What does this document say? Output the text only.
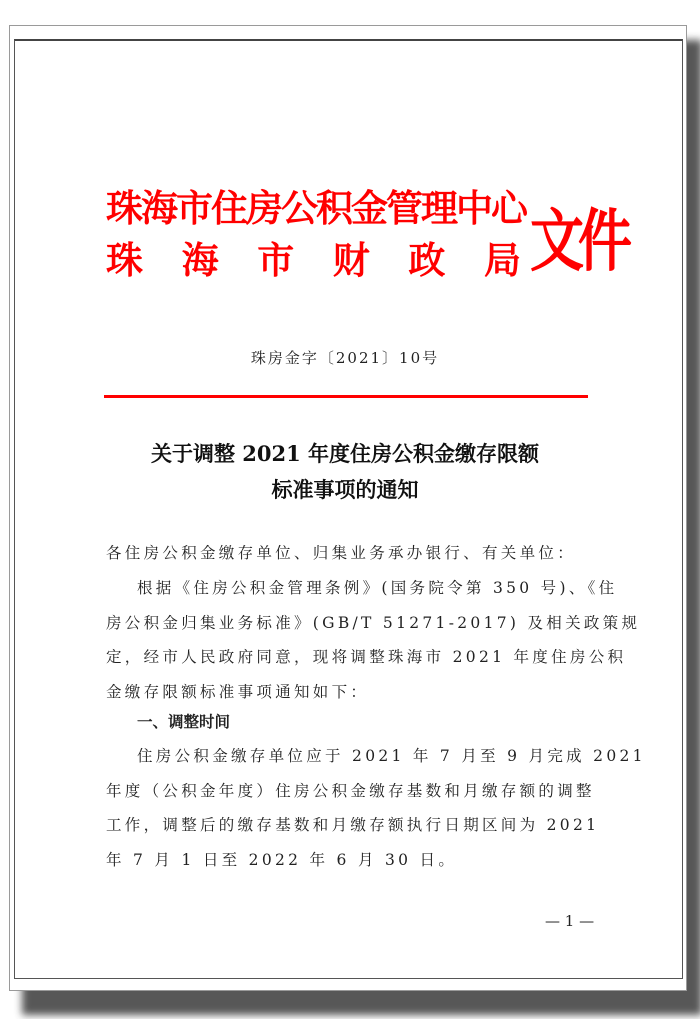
珠海市住房公积金管理中心
珠 海 市 财 政 局 文件
珠房金字〔2021〕10号
关于调整 2021 年度住房公积金缴存限额
标准事项的通知
各住房公积金缴存单位、归集业务承办银行、有关单位：
根据《住房公积金管理条例》(国务院令第 350 号)、《住
房公积金归集业务标准》(GB/T 51271-2017) 及相关政策规
定，经市人民政府同意，现将调整珠海市 2021 年度住房公积
金缴存限额标准事项通知如下：
一、调整时间
住房公积金缴存单位应于 2021 年 7 月至 9 月完成 2021
年度（公积金年度）住房公积金缴存基数和月缴存额的调整
工作，调整后的缴存基数和月缴存额执行日期区间为 2021
年 7 月 1 日至 2022 年 6 月 30 日。
— 1 —
